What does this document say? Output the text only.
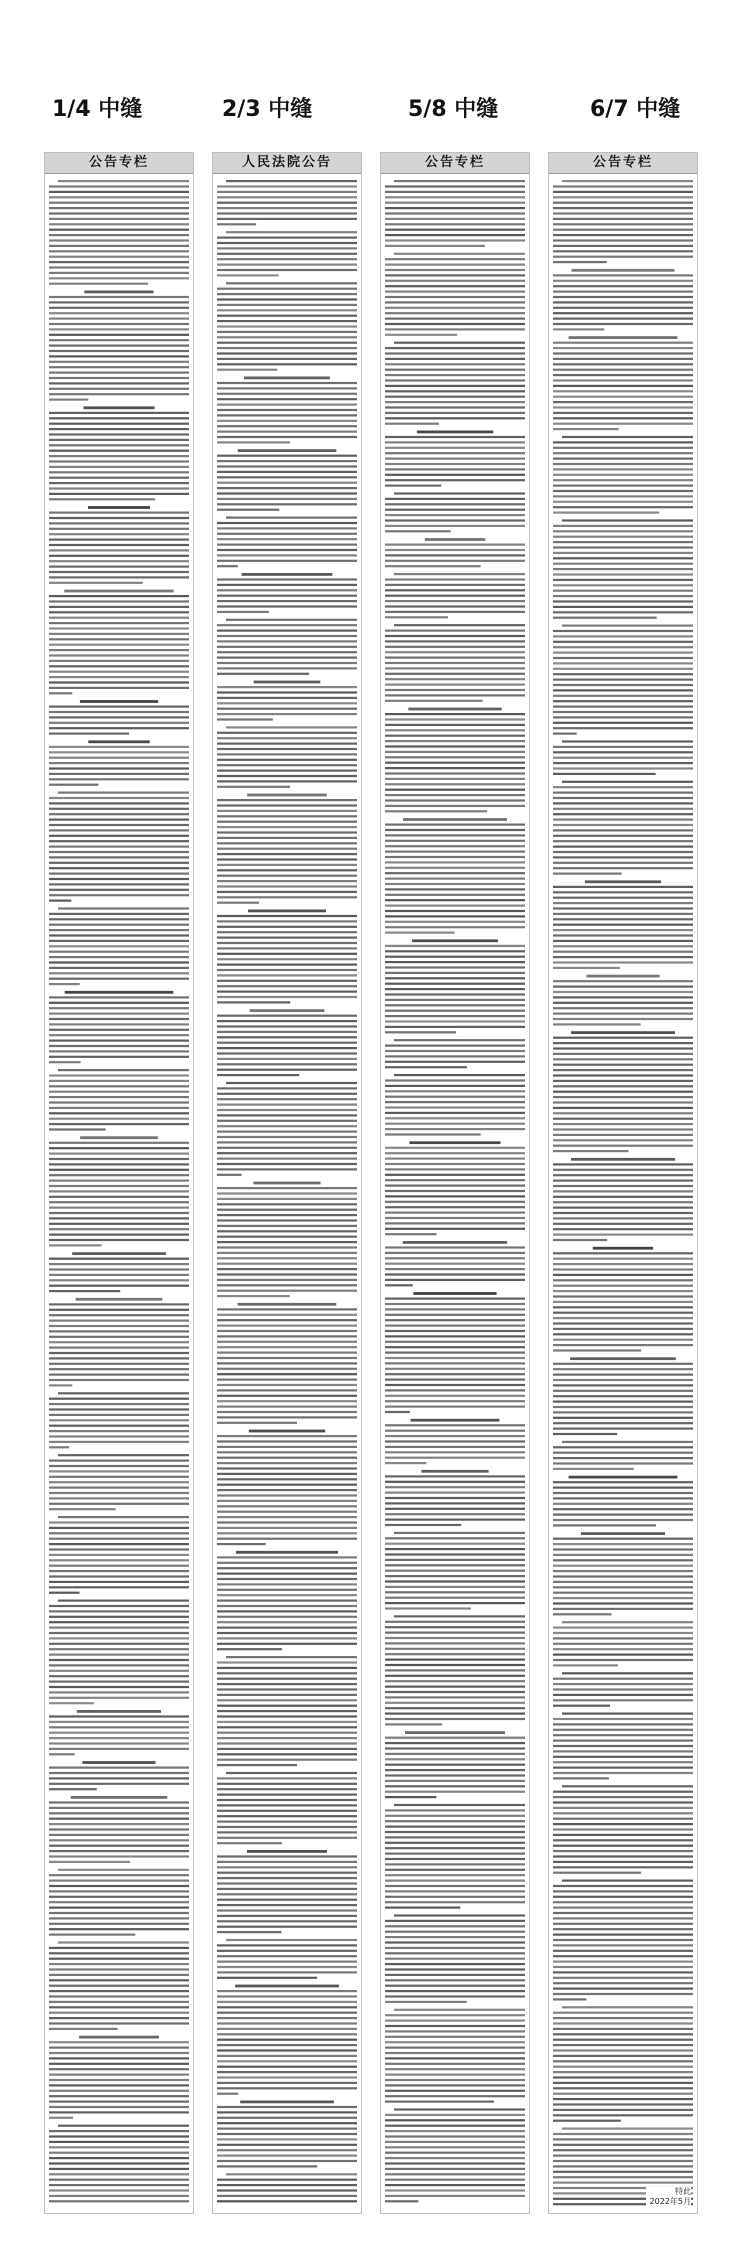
1/4 中缝	2/3 中缝	5/8 中缝	6/7 中缝
公告专栏	人民法院公告	公告专栏	公告专栏
特此
2022年5月
